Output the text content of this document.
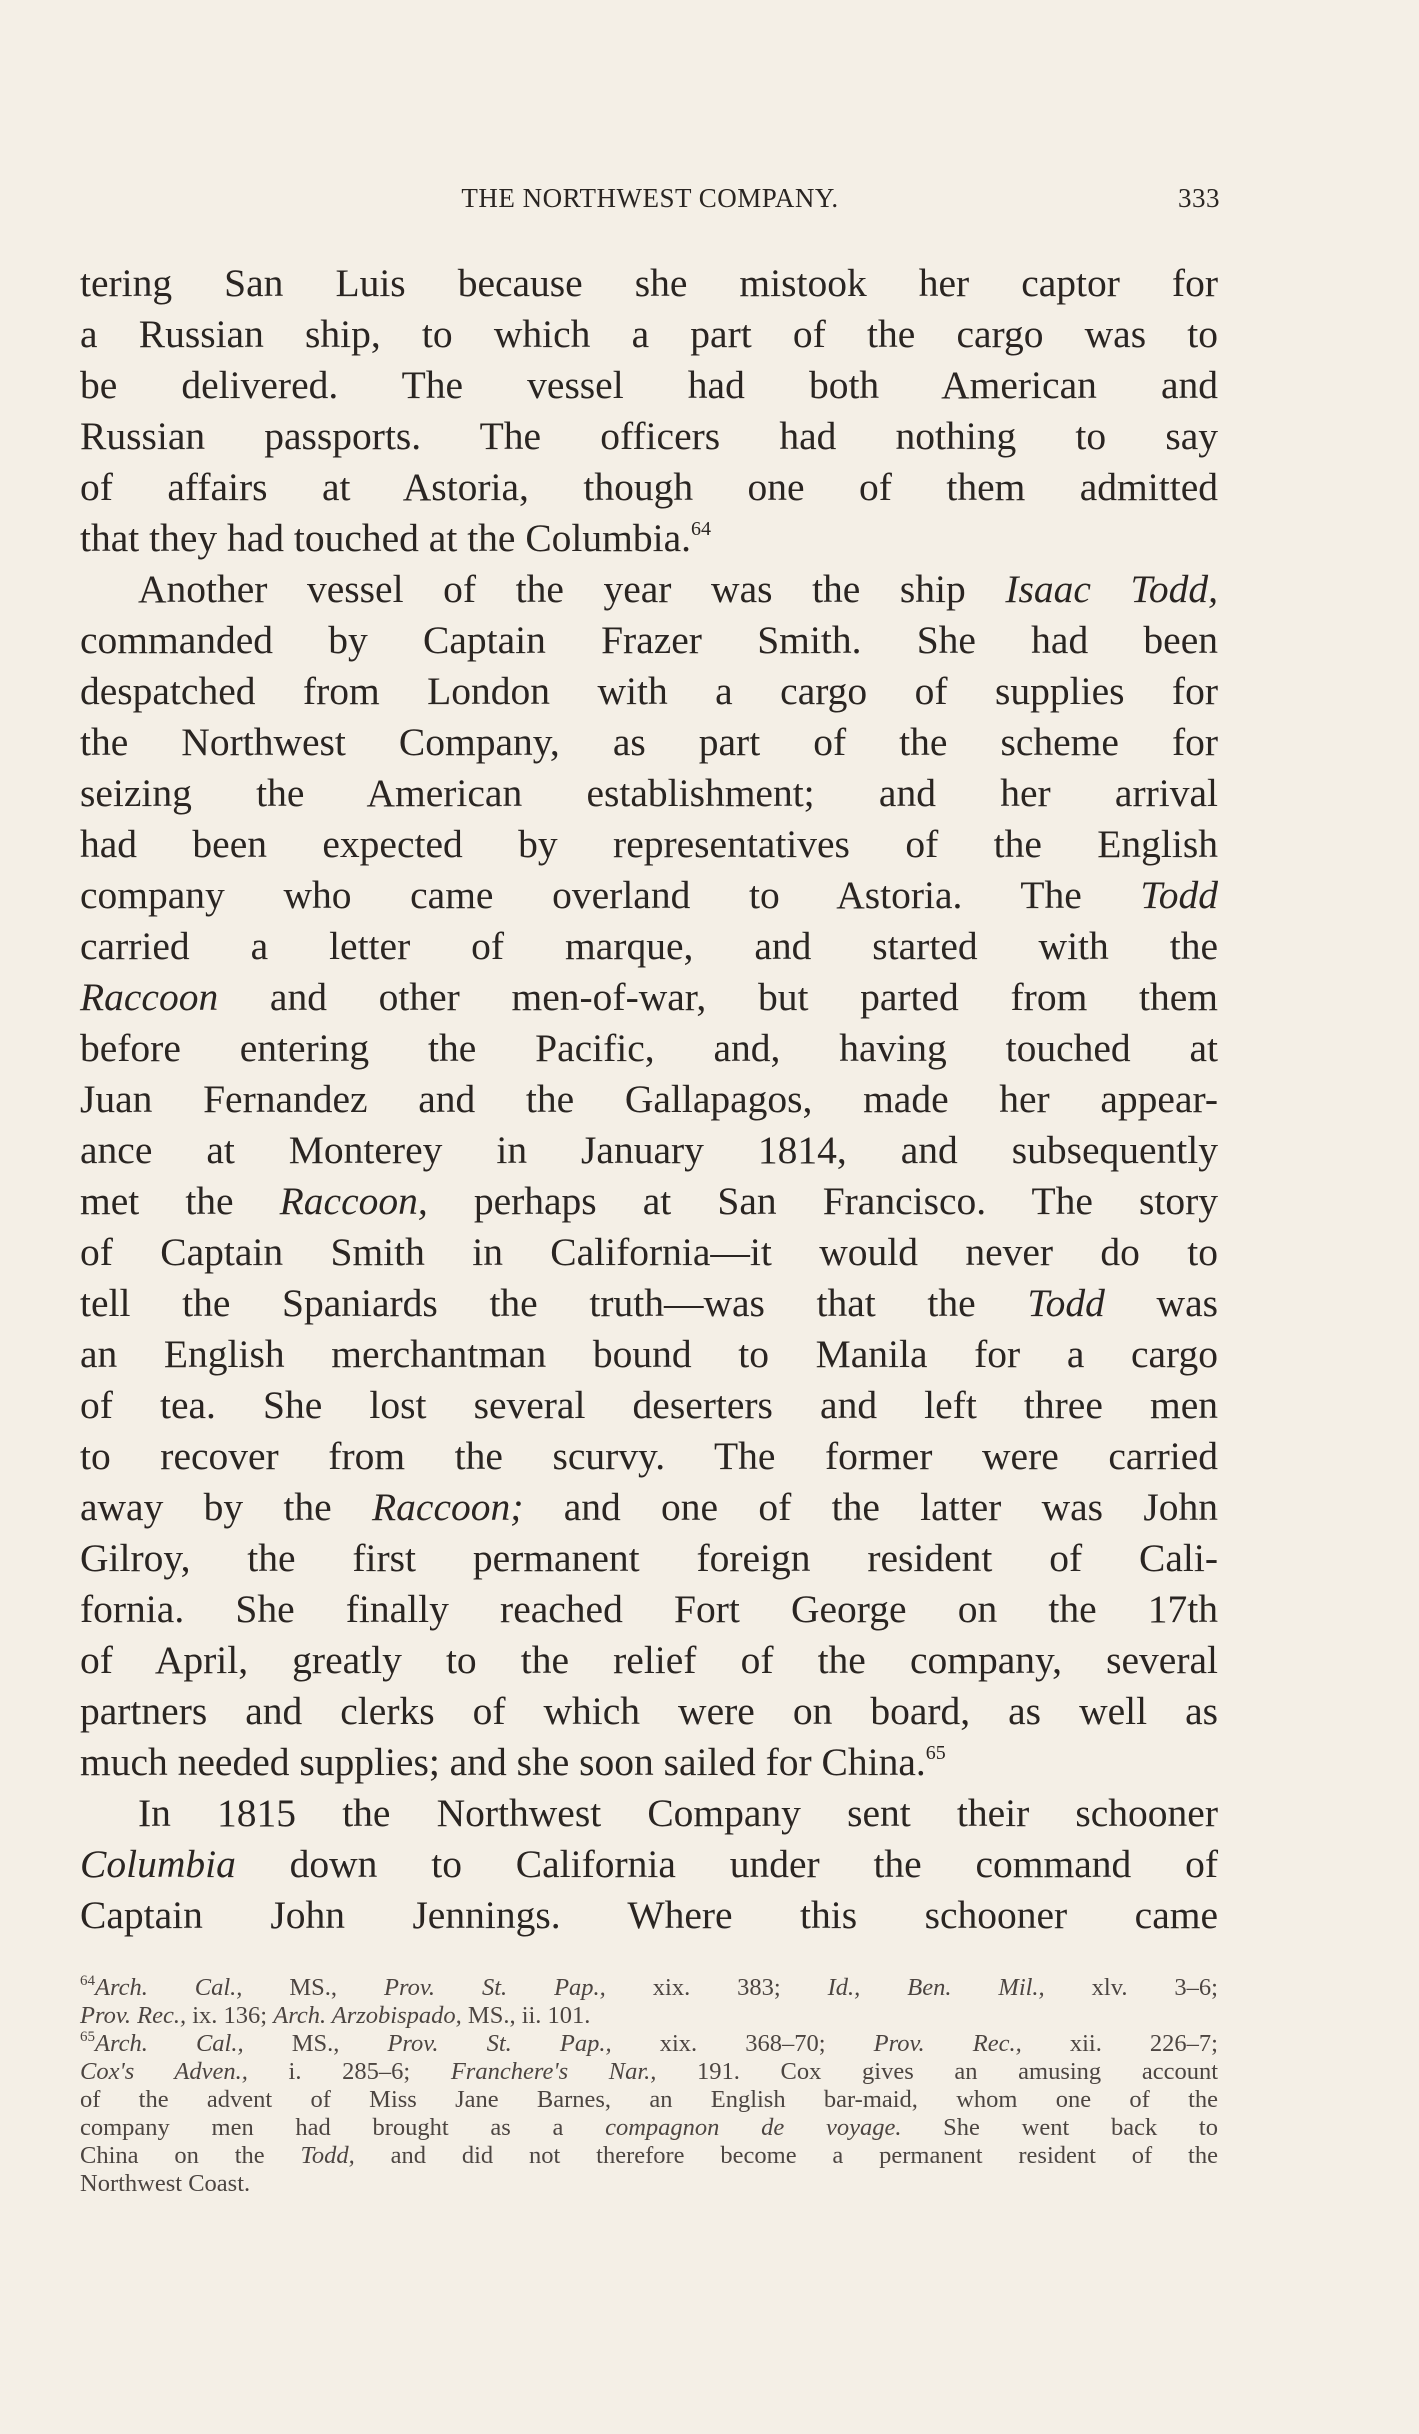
THE NORTHWEST COMPANY.	333
tering San Luis because she mistook her captor for
a Russian ship, to which a part of the cargo was to
be delivered. The vessel had both American and
Russian passports. The officers had nothing to say
of affairs at Astoria, though one of them admitted
that they had touched at the Columbia.$^{64}$
Another vessel of the year was the ship Isaac Todd,
commanded by Captain Frazer Smith. She had been
despatched from London with a cargo of supplies for
the Northwest Company, as part of the scheme for
seizing the American establishment; and her arrival
had been expected by representatives of the English
company who came overland to Astoria. The Todd
carried a letter of marque, and started with the
Raccoon and other men-of-war, but parted from them
before entering the Pacific, and, having touched at
Juan Fernandez and the Gallapagos, made her appear-
ance at Monterey in January 1814, and subsequently
met the Raccoon, perhaps at San Francisco. The story
of Captain Smith in California—it would never do to
tell the Spaniards the truth—was that the Todd was
an English merchantman bound to Manila for a cargo
of tea. She lost several deserters and left three men
to recover from the scurvy. The former were carried
away by the Raccoon; and one of the latter was John
Gilroy, the first permanent foreign resident of Cali-
fornia. She finally reached Fort George on the 17th
of April, greatly to the relief of the company, several
partners and clerks of which were on board, as well as
much needed supplies; and she soon sailed for China.$^{65}$
In 1815 the Northwest Company sent their schooner
Columbia down to California under the command of
Captain John Jennings. Where this schooner came
$^{64}$Arch. Cal., MS., Prov. St. Pap., xix. 383; Id., Ben. Mil., xlv. 3–6;
Prov. Rec., ix. 136; Arch. Arzobispado, MS., ii. 101.
$^{65}$Arch. Cal., MS., Prov. St. Pap., xix. 368–70; Prov. Rec., xii. 226–7;
Cox's Adven., i. 285–6; Franchere's Nar., 191. Cox gives an amusing account
of the advent of Miss Jane Barnes, an English bar-maid, whom one of the
company men had brought as a compagnon de voyage. She went back to
China on the Todd, and did not therefore become a permanent resident of the
Northwest Coast.
